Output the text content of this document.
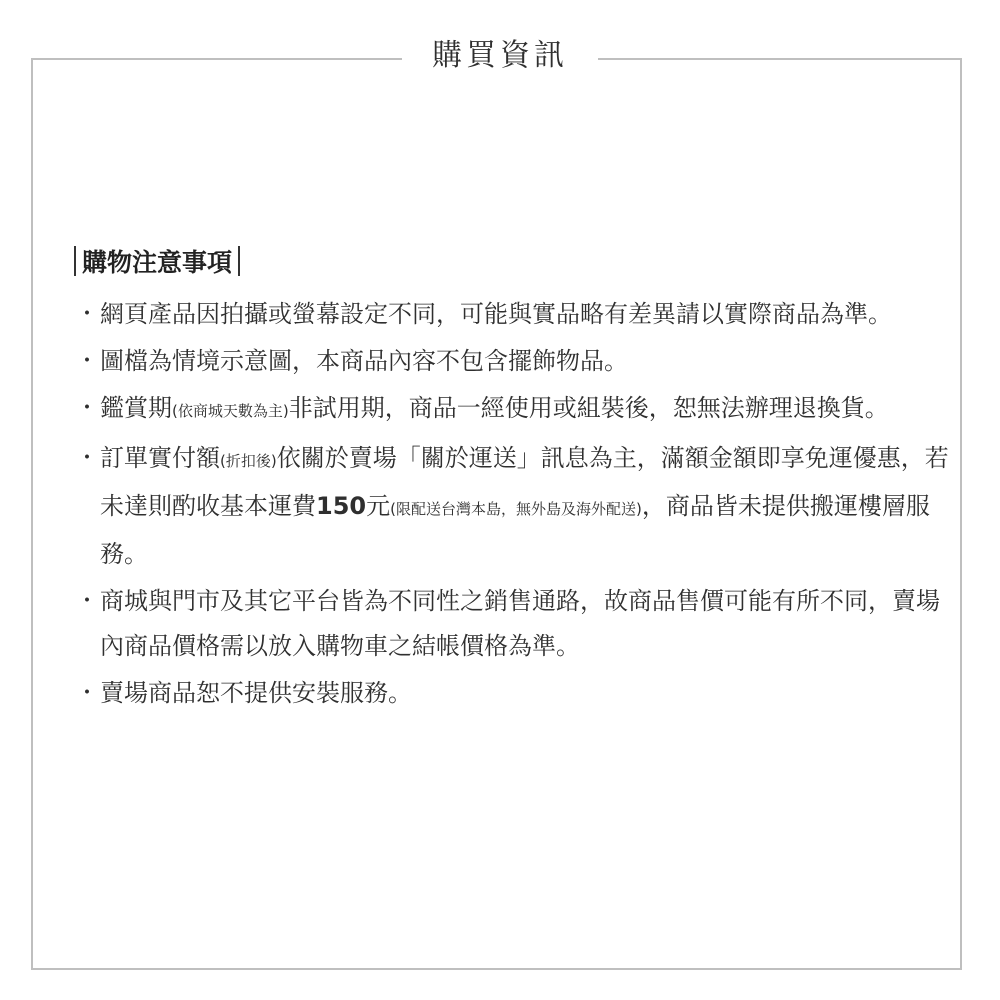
購買資訊
購物注意事項
・ 網頁產品因拍攝或螢幕設定不同，可能與實品略有差異請以實際商品為準。
・ 圖檔為情境示意圖，本商品內容不包含擺飾物品。
・ 鑑賞期(依商城天數為主)非試用期，商品一經使用或組裝後，恕無法辦理退換貨。
・ 訂單實付額(折扣後)依關於賣場「關於運送」訊息為主，滿額金額即享免運優惠，若未達則酌收基本運費150元(限配送台灣本島，無外島及海外配送)，商品皆未提供搬運樓層服務。
・ 商城與門市及其它平台皆為不同性之銷售通路，故商品售價可能有所不同，賣場內商品價格需以放入購物車之結帳價格為準。
・ 賣場商品恕不提供安裝服務。
